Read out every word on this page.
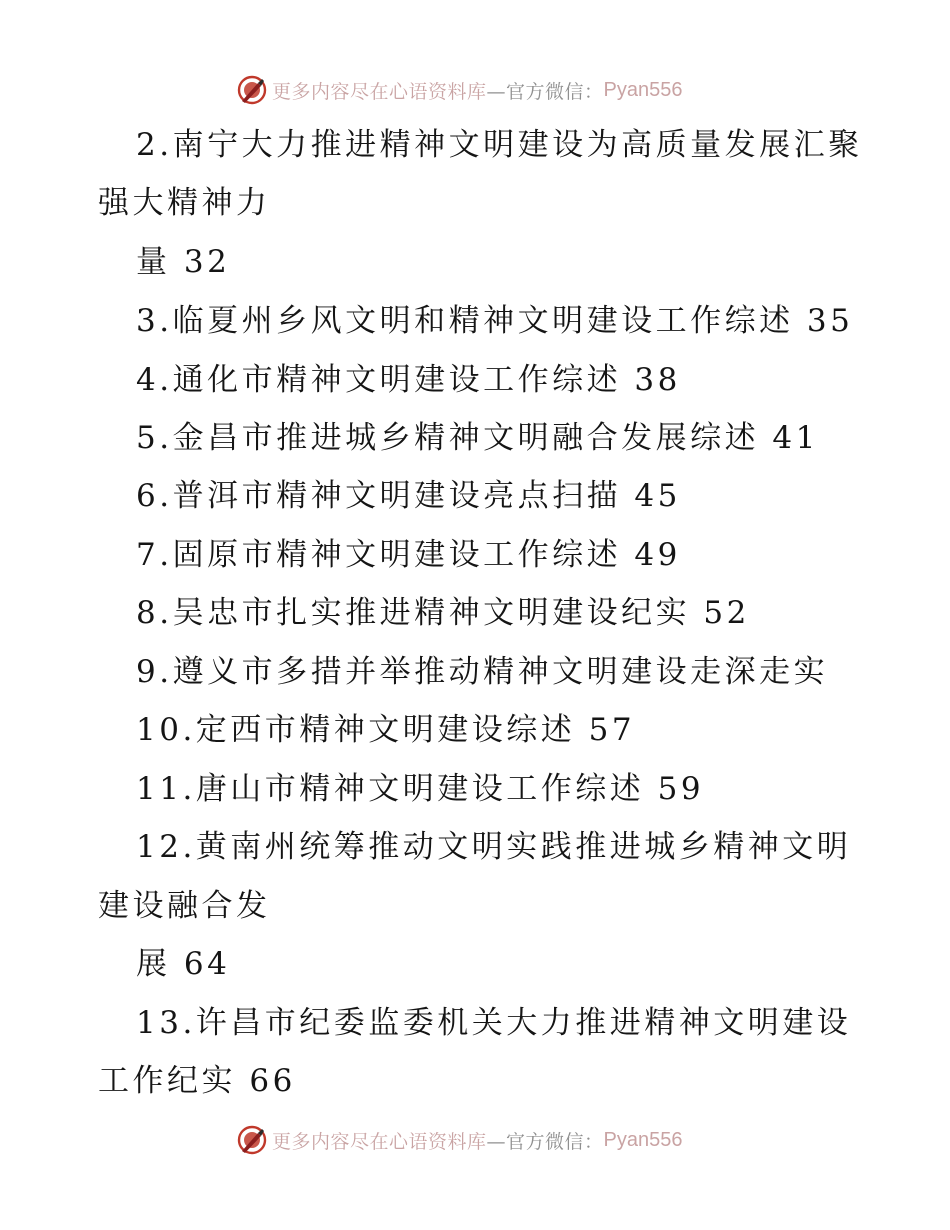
更多内容尽在心语资料库 —官方微信： Pyan556
2.南宁大力推进精神文明建设为高质量发展汇聚
强大精神力
量 32
3.临夏州乡风文明和精神文明建设工作综述 35
4.通化市精神文明建设工作综述 38
5.金昌市推进城乡精神文明融合发展综述 41
6.普洱市精神文明建设亮点扫描 45
7.固原市精神文明建设工作综述 49
8.吴忠市扎实推进精神文明建设纪实 52
9.遵义市多措并举推动精神文明建设走深走实
10.定西市精神文明建设综述 57
11.唐山市精神文明建设工作综述 59
12.黄南州统筹推动文明实践推进城乡精神文明
建设融合发
展 64
13.许昌市纪委监委机关大力推进精神文明建设
工作纪实 66
更多内容尽在心语资料库 —官方微信： Pyan556
